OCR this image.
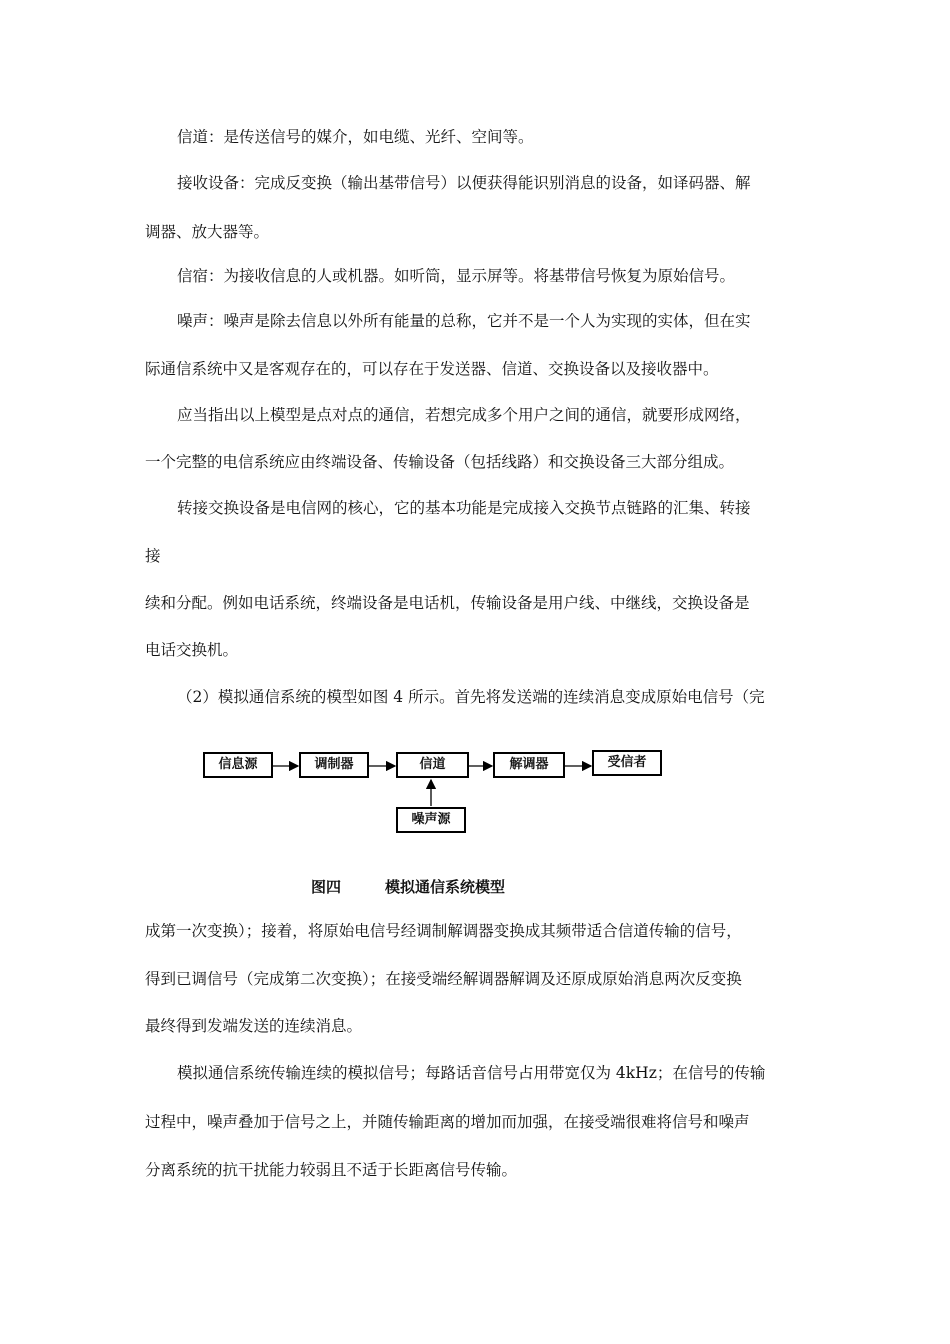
信道：是传送信号的媒介，如电缆、光纤、空间等。
接收设备：完成反变换（输出基带信号）以便获得能识别消息的设备，如译码器、解
调器、放大器等。
信宿：为接收信息的人或机器。如听筒，显示屏等。将基带信号恢复为原始信号。
噪声：噪声是除去信息以外所有能量的总称，它并不是一个人为实现的实体，但在实
际通信系统中又是客观存在的，可以存在于发送器、信道、交换设备以及接收器中。
应当指出以上模型是点对点的通信，若想完成多个用户之间的通信，就要形成网络，
一个完整的电信系统应由终端设备、传输设备（包括线路）和交换设备三大部分组成。
转接交换设备是电信网的核心，它的基本功能是完成接入交换节点链路的汇集、转接
接
续和分配。例如电话系统，终端设备是电话机，传输设备是用户线、中继线，交换设备是
电话交换机。
（2）模拟通信系统的模型如图 4 所示。首先将发送端的连续消息变成原始电信号（完
信息源	调制器	信道	解调器	受信者
噪声源
图四	模拟通信系统模型
成第一次变换）；接着，将原始电信号经调制解调器变换成其频带适合信道传输的信号，
得到已调信号（完成第二次变换）；在接受端经解调器解调及还原成原始消息两次反变换
最终得到发端发送的连续消息。
模拟通信系统传输连续的模拟信号；每路话音信号占用带宽仅为 4kHz；在信号的传输
过程中，噪声叠加于信号之上，并随传输距离的增加而加强，在接受端很难将信号和噪声
分离系统的抗干扰能力较弱且不适于长距离信号传输。
